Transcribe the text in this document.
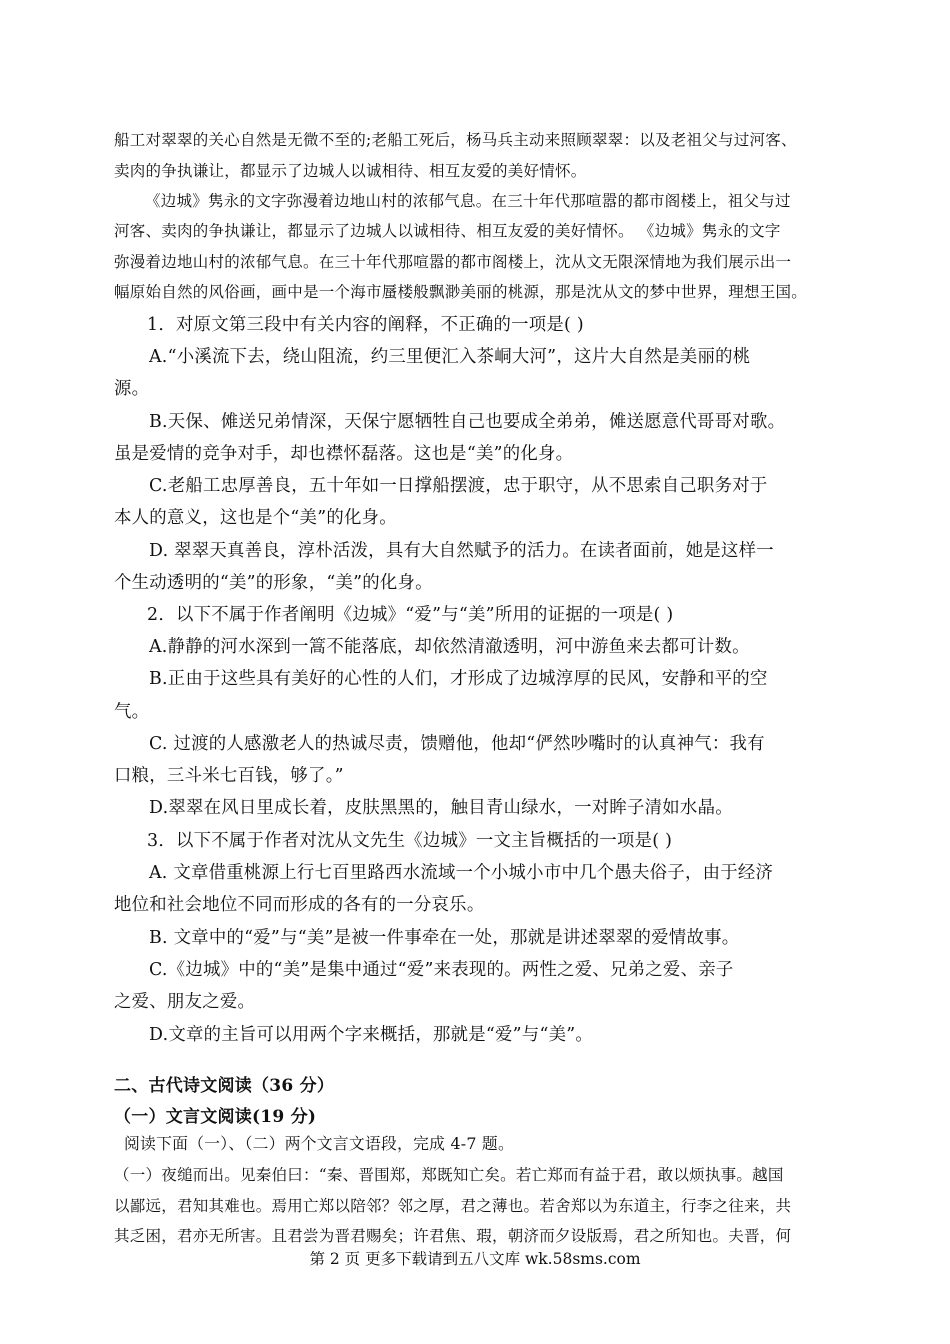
船工对翠翠的关心自然是无微不至的;老船工死后，杨马兵主动来照顾翠翠：以及老祖父与过河客、
卖肉的争执谦让，都显示了边城人以诚相待、相互友爱的美好情怀。
《边城》隽永的文字弥漫着边地山村的浓郁气息。在三十年代那喧嚣的都市阁楼上，祖父与过
河客、卖肉的争执谦让，都显示了边城人以诚相待、相互友爱的美好情怀。 《边城》隽永的文字
弥漫着边地山村的浓郁气息。在三十年代那喧嚣的都市阁楼上，沈从文无限深情地为我们展示出一
幅原始自然的风俗画，画中是一个海市蜃楼般飘渺美丽的桃源，那是沈从文的梦中世界，理想王国。
1．对原文第三段中有关内容的阐释，不正确的一项是( )
A.“小溪流下去，绕山阻流，约三里便汇入茶峒大河”，这片大自然是美丽的桃
源。
B.天保、傩送兄弟情深，天保宁愿牺牲自己也要成全弟弟，傩送愿意代哥哥对歌。
虽是爱情的竞争对手，却也襟怀磊落。这也是“美”的化身。
C.老船工忠厚善良，五十年如一日撑船摆渡，忠于职守，从不思索自己职务对于
本人的意义，这也是个“美”的化身。
D. 翠翠天真善良，淳朴活泼，具有大自然赋予的活力。在读者面前，她是这样一
个生动透明的“美”的形象，“美”的化身。
2．以下不属于作者阐明《边城》“爱”与“美”所用的证据的一项是( )
A.静静的河水深到一篙不能落底，却依然清澈透明，河中游鱼来去都可计数。
B.正由于这些具有美好的心性的人们，才形成了边城淳厚的民风，安静和平的空
气。
C. 过渡的人感激老人的热诚尽责，馈赠他，他却“俨然吵嘴时的认真神气：我有
口粮，三斗米七百钱，够了。”
D.翠翠在风日里成长着，皮肤黑黑的，触目青山绿水，一对眸子清如水晶。
3．以下不属于作者对沈从文先生《边城》一文主旨概括的一项是( )
A. 文章借重桃源上行七百里路西水流域一个小城小市中几个愚夫俗子，由于经济
地位和社会地位不同而形成的各有的一分哀乐。
B. 文章中的“爱”与“美”是被一件事牵在一处，那就是讲述翠翠的爱情故事。
C.《边城》中的“美”是集中通过“爱”来表现的。两性之爱、兄弟之爱、亲子
之爱、朋友之爱。
D.文章的主旨可以用两个字来概括，那就是“爱”与“美”。
二、古代诗文阅读（36 分）
（一）文言文阅读(19 分)
阅读下面（一）、（二）两个文言文语段，完成 4-7 题。
（一）夜缒而出。见秦伯曰：“秦、晋围郑，郑既知亡矣。若亡郑而有益于君，敢以烦执事。越国
以鄙远，君知其难也。焉用亡郑以陪邻？邻之厚，君之薄也。若舍郑以为东道主，行李之往来，共
其乏困，君亦无所害。且君尝为晋君赐矣；许君焦、瑕，朝济而夕设版焉，君之所知也。夫晋，何
第 2 页 更多下载请到五八文库 wk.58sms.com
